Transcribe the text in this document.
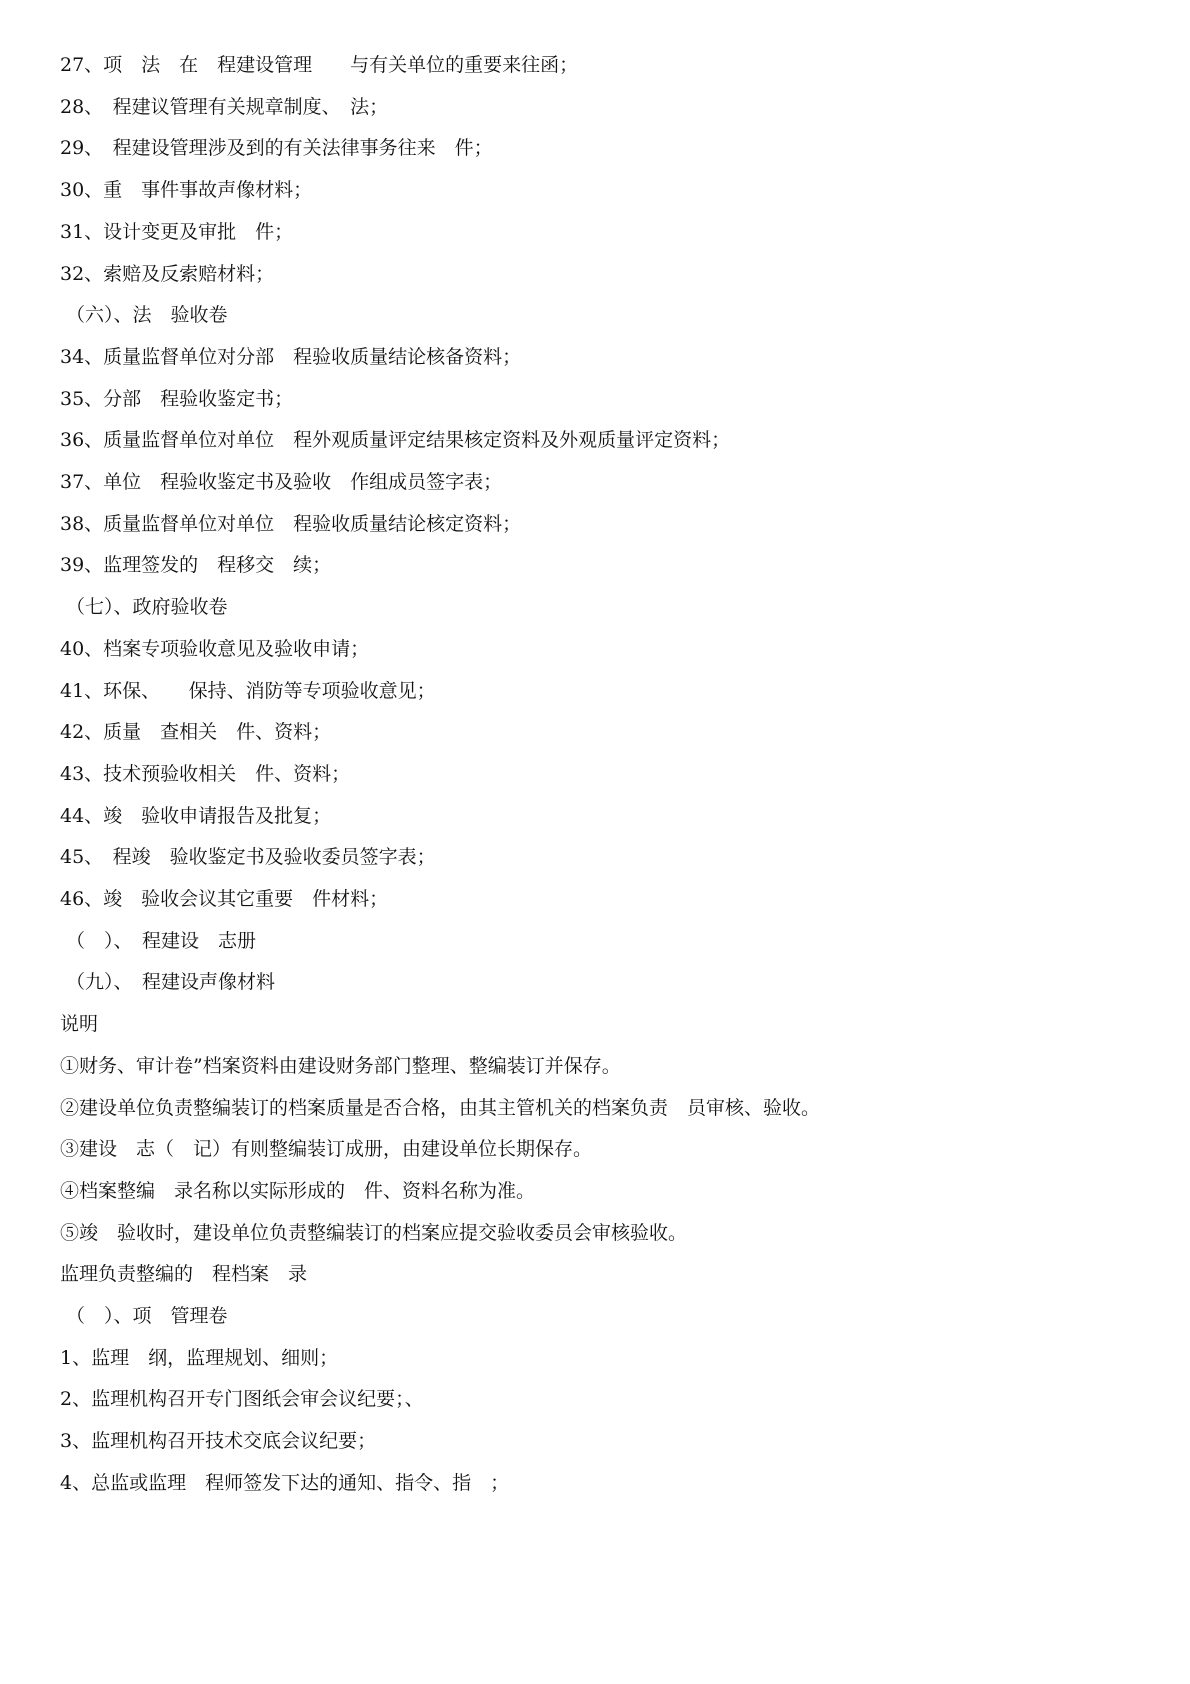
27、项　法　在　程建设管理　　与有关单位的重要来往函；
28、　程建议管理有关规章制度、　法；
29、　程建设管理涉及到的有关法律事务往来　件；
30、重　事件事故声像材料；
31、设计变更及审批　件；
32、索赔及反索赔材料；
（六）、法　验收卷
34、质量监督单位对分部　程验收质量结论核备资料；
35、分部　程验收鉴定书；
36、质量监督单位对单位　程外观质量评定结果核定资料及外观质量评定资料；
37、单位　程验收鉴定书及验收　作组成员签字表；
38、质量监督单位对单位　程验收质量结论核定资料；
39、监理签发的　程移交　续；
（七）、政府验收卷
40、档案专项验收意见及验收申请；
41、环保、　　保持、消防等专项验收意见；
42、质量　查相关　件、资料；
43、技术预验收相关　件、资料；
44、竣　验收申请报告及批复；
45、　程竣　验收鉴定书及验收委员签字表；
46、竣　验收会议其它重要　件材料；
（　）、　程建设　志册
（九）、　程建设声像材料
说明
①财务、审计卷”档案资料由建设财务部门整理、整编装订并保存。
②建设单位负责整编装订的档案质量是否合格，由其主管机关的档案负责　员审核、验收。
③建设　志（　记）有则整编装订成册，由建设单位长期保存。
④档案整编　录名称以实际形成的　件、资料名称为准。
⑤竣　验收时，建设单位负责整编装订的档案应提交验收委员会审核验收。
监理负责整编的　程档案　录
（　）、项　管理卷
1、监理　纲，监理规划、细则；
2、监理机构召开专门图纸会审会议纪要；、
3、监理机构召开技术交底会议纪要；
4、总监或监理　程师签发下达的通知、指令、指　；
